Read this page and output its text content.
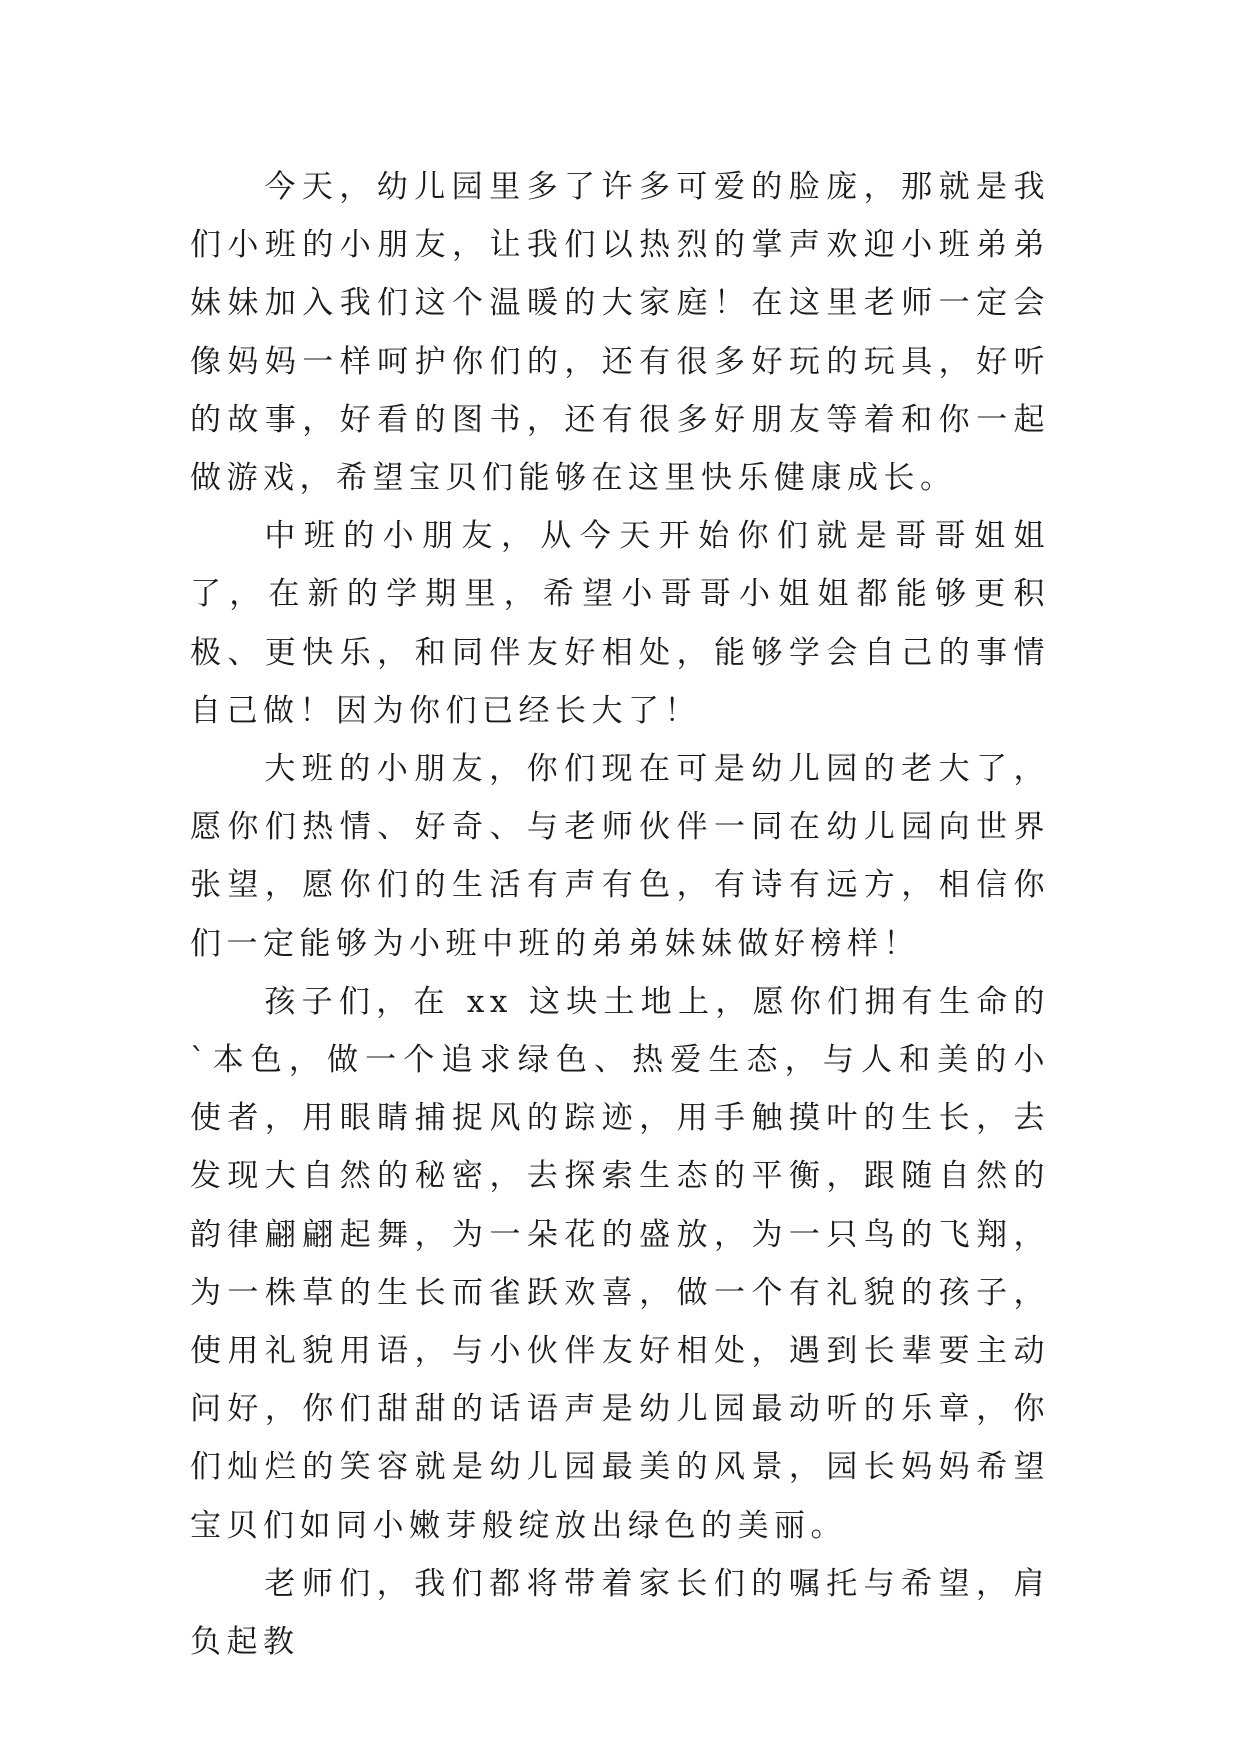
今天，幼儿园里多了许多可爱的脸庞，那就是我们小班的小朋友，让我们以热烈的掌声欢迎小班弟弟妹妹加入我们这个温暖的大家庭！在这里老师一定会像妈妈一样呵护你们的，还有很多好玩的玩具，好听的故事，好看的图书，还有很多好朋友等着和你一起做游戏，希望宝贝们能够在这里快乐健康成长。

中班的小朋友，从今天开始你们就是哥哥姐姐了，在新的学期里，希望小哥哥小姐姐都能够更积极、更快乐，和同伴友好相处，能够学会自己的事情自己做！因为你们已经长大了！

大班的小朋友，你们现在可是幼儿园的老大了，愿你们热情、好奇、与老师伙伴一同在幼儿园向世界张望，愿你们的生活有声有色，有诗有远方，相信你们一定能够为小班中班的弟弟妹妹做好榜样！

孩子们，在 xx 这块土地上，愿你们拥有生命的`本色，做一个追求绿色、热爱生态，与人和美的小使者，用眼睛捕捉风的踪迹，用手触摸叶的生长，去发现大自然的秘密，去探索生态的平衡，跟随自然的韵律翩翩起舞，为一朵花的盛放，为一只鸟的飞翔，为一株草的生长而雀跃欢喜，做一个有礼貌的孩子，使用礼貌用语，与小伙伴友好相处，遇到长辈要主动问好，你们甜甜的话语声是幼儿园最动听的乐章，你们灿烂的笑容就是幼儿园最美的风景，园长妈妈希望宝贝们如同小嫩芽般绽放出绿色的美丽。

老师们，我们都将带着家长们的嘱托与希望，肩负起教
